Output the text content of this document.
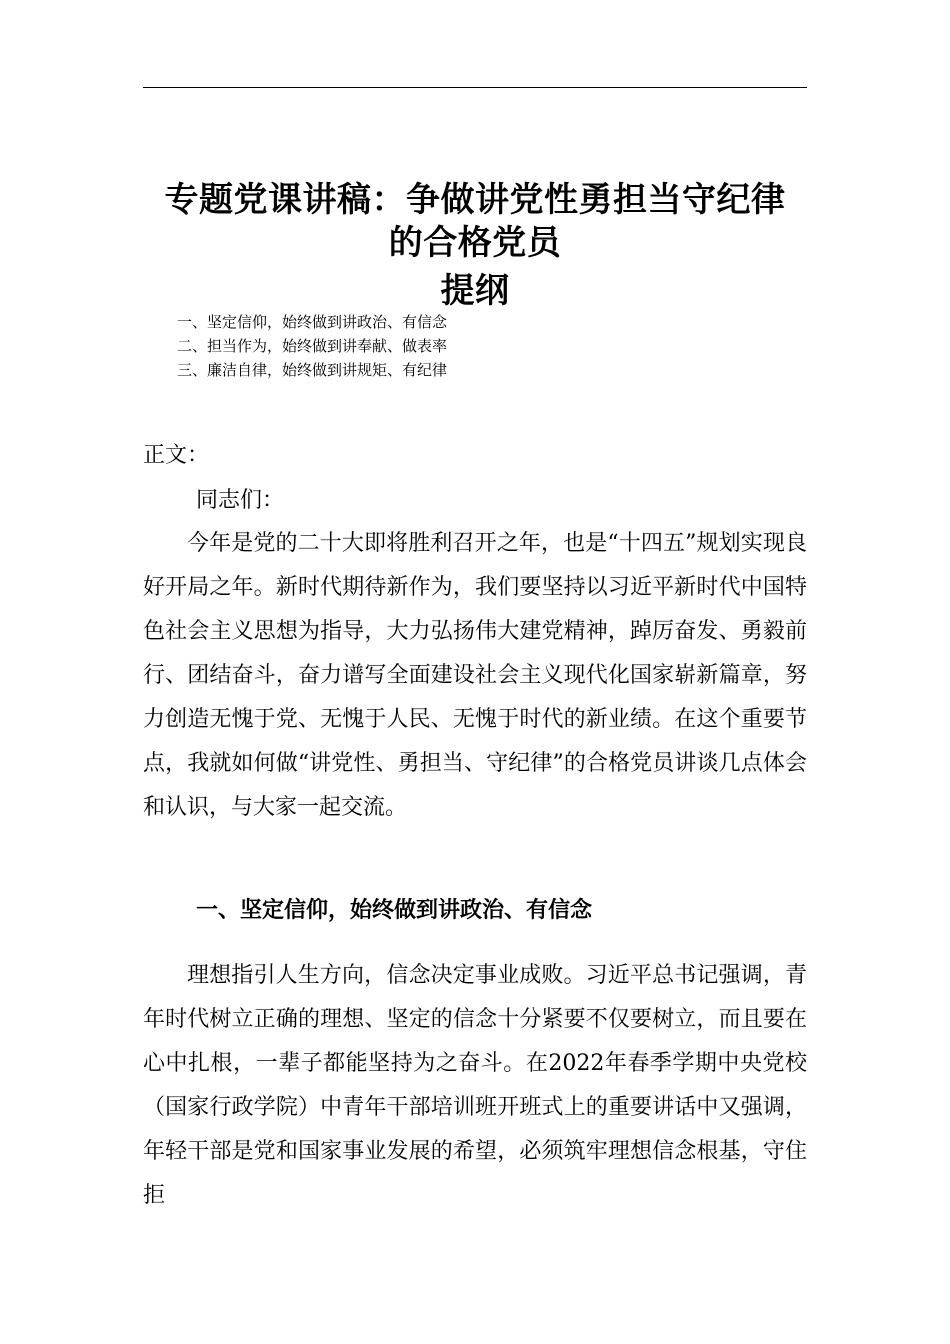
专题党课讲稿：争做讲党性勇担当守纪律
的合格党员
提纲
一、坚定信仰，始终做到讲政治、有信念
二、担当作为，始终做到讲奉献、做表率
三、廉洁自律，始终做到讲规矩、有纪律
正文：
同志们：
今年是党的二十大即将胜利召开之年，也是“十四五”规划实现良好开局之年。新时代期待新作为，我们要坚持以习近平新时代中国特色社会主义思想为指导，大力弘扬伟大建党精神，踔厉奋发、勇毅前行、团结奋斗，奋力谱写全面建设社会主义现代化国家崭新篇章，努力创造无愧于党、无愧于人民、无愧于时代的新业绩。在这个重要节点，我就如何做“讲党性、勇担当、守纪律”的合格党员讲谈几点体会和认识，与大家一起交流。
一、坚定信仰，始终做到讲政治、有信念
理想指引人生方向，信念决定事业成败。习近平总书记强调，青年时代树立正确的理想、坚定的信念十分紧要不仅要树立，而且要在心中扎根，一辈子都能坚持为之奋斗。在2022年春季学期中央党校（国家行政学院）中青年干部培训班开班式上的重要讲话中又强调，年轻干部是党和国家事业发展的希望，必须筑牢理想信念根基，守住拒
